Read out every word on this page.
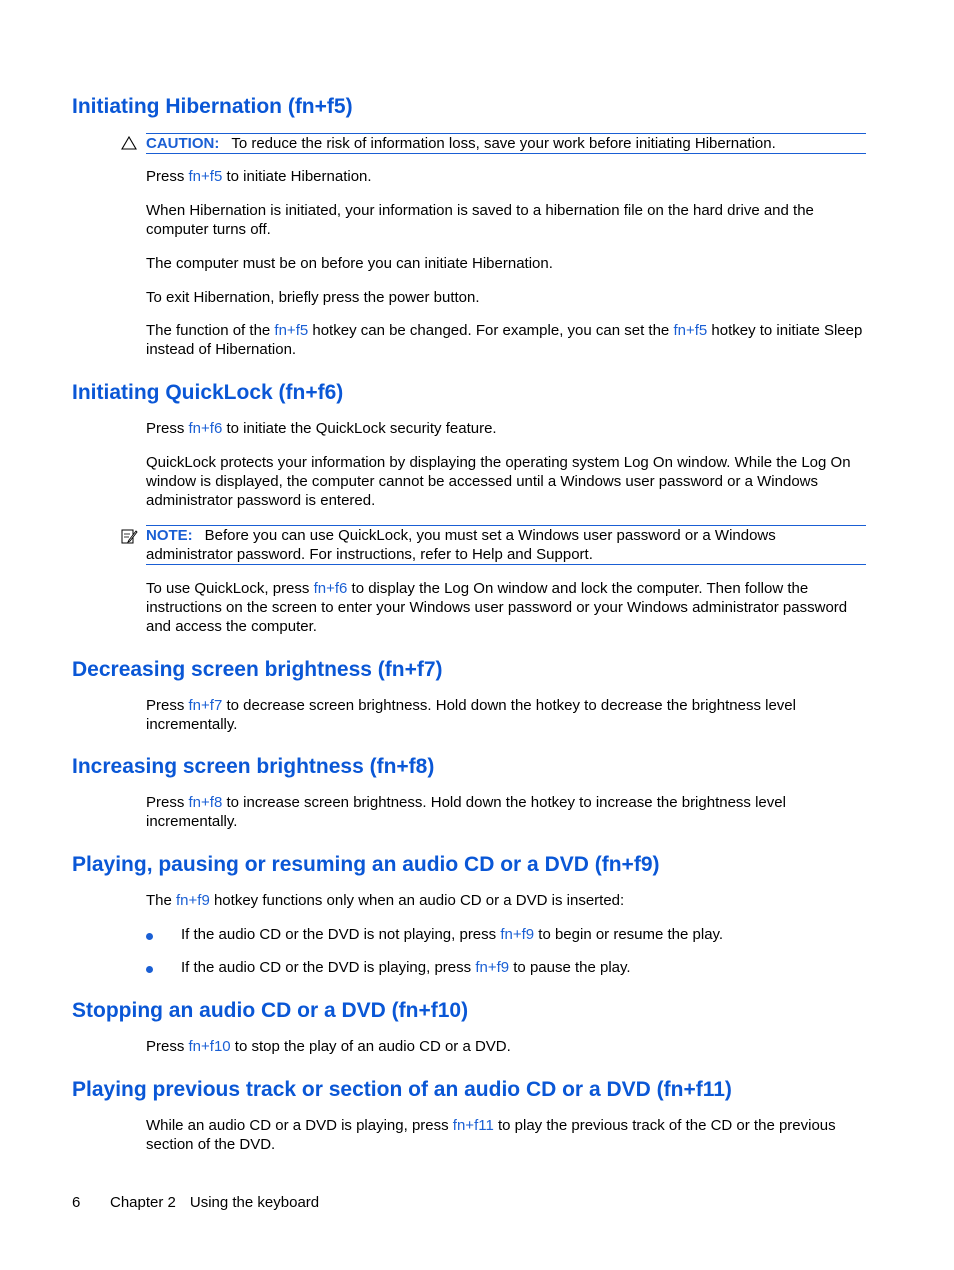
Initiating Hibernation (fn+f5)
CAUTION: To reduce the risk of information loss, save your work before initiating Hibernation.

Press fn+f5 to initiate Hibernation.

When Hibernation is initiated, your information is saved to a hibernation file on the hard drive and the computer turns off.

The computer must be on before you can initiate Hibernation.

To exit Hibernation, briefly press the power button.

The function of the fn+f5 hotkey can be changed. For example, you can set the fn+f5 hotkey to initiate Sleep instead of Hibernation.

Initiating QuickLock (fn+f6)

Press fn+f6 to initiate the QuickLock security feature.

QuickLock protects your information by displaying the operating system Log On window. While the Log On window is displayed, the computer cannot be accessed until a Windows user password or a Windows administrator password is entered.

NOTE: Before you can use QuickLock, you must set a Windows user password or a Windows administrator password. For instructions, refer to Help and Support.

To use QuickLock, press fn+f6 to display the Log On window and lock the computer. Then follow the instructions on the screen to enter your Windows user password or your Windows administrator password and access the computer.

Decreasing screen brightness (fn+f7)

Press fn+f7 to decrease screen brightness. Hold down the hotkey to decrease the brightness level incrementally.

Increasing screen brightness (fn+f8)

Press fn+f8 to increase screen brightness. Hold down the hotkey to increase the brightness level incrementally.

Playing, pausing or resuming an audio CD or a DVD (fn+f9)

The fn+f9 hotkey functions only when an audio CD or a DVD is inserted:

If the audio CD or the DVD is not playing, press fn+f9 to begin or resume the play.

If the audio CD or the DVD is playing, press fn+f9 to pause the play.

Stopping an audio CD or a DVD (fn+f10)

Press fn+f10 to stop the play of an audio CD or a DVD.

Playing previous track or section of an audio CD or a DVD (fn+f11)

While an audio CD or a DVD is playing, press fn+f11 to play the previous track of the CD or the previous section of the DVD.

6 Chapter 2 Using the keyboard
